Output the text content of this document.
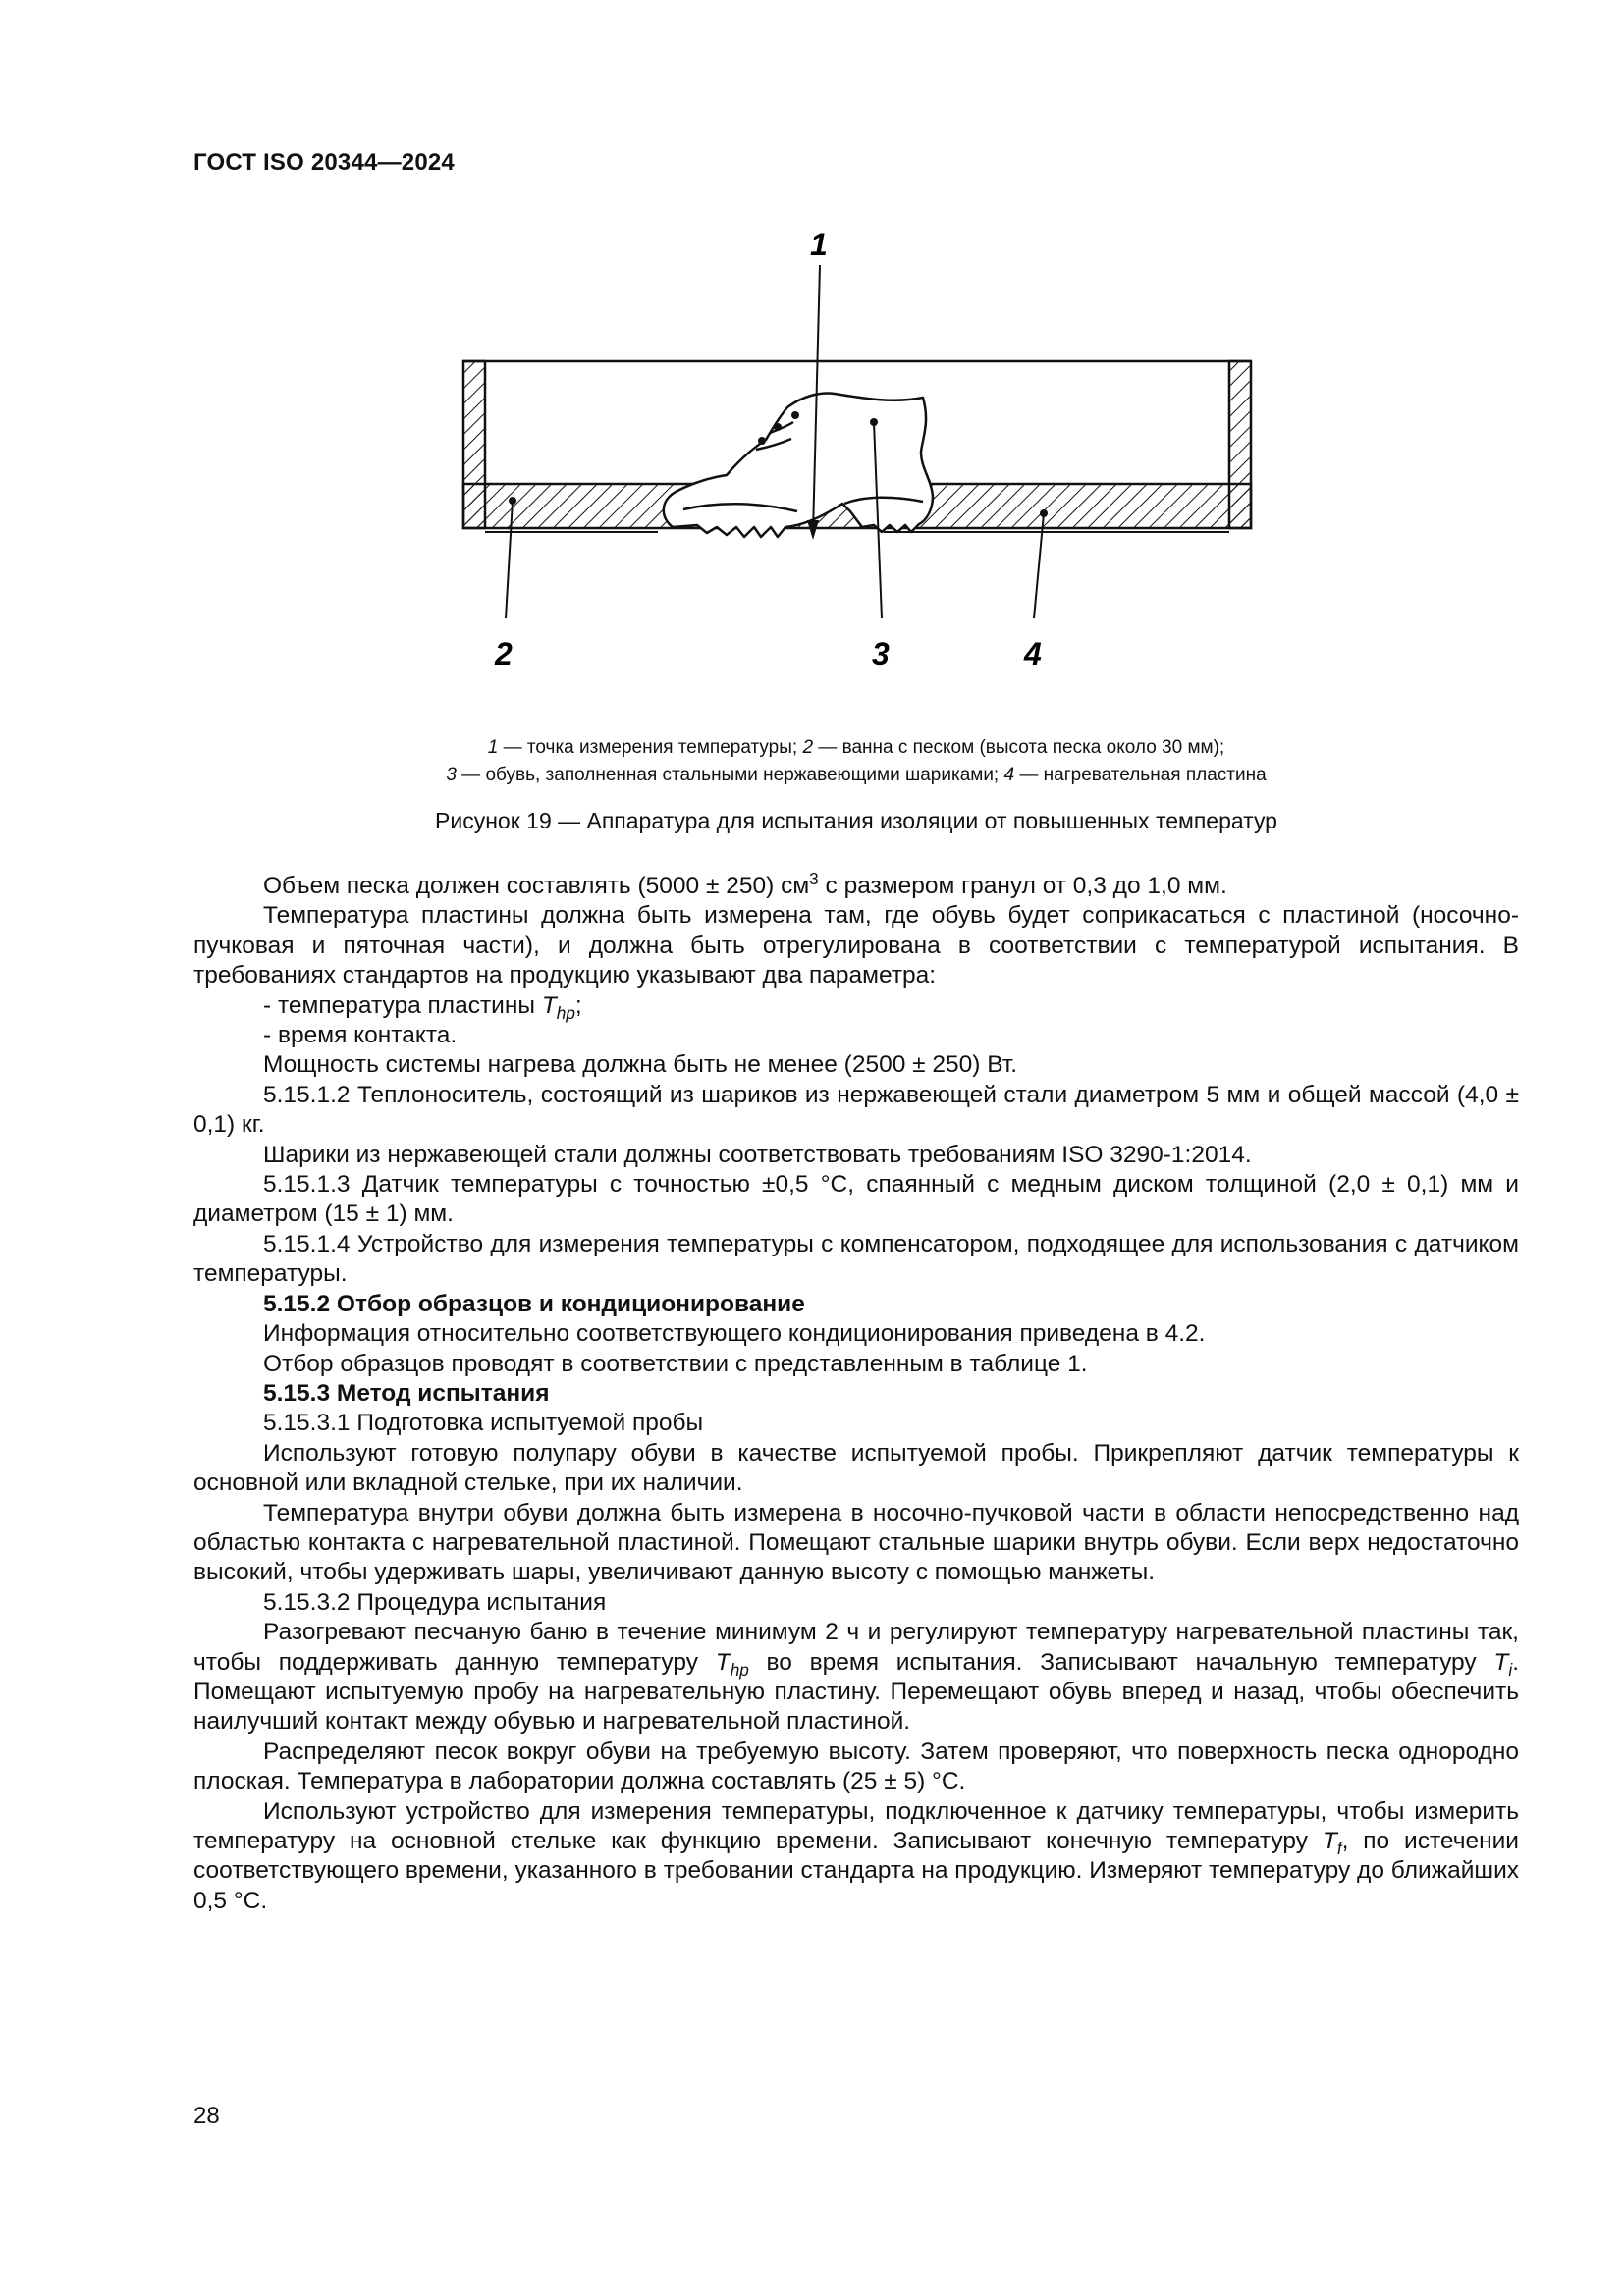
ГОСТ ISO 20344—2024
1
2	3	4
1 — точка измерения температуры; 2 — ванна с песком (высота песка около 30 мм);
3 — обувь, заполненная стальными нержавеющими шариками; 4 — нагревательная пластина
Рисунок 19 — Аппаратура для испытания изоляции от повышенных температур

Объем песка должен составлять (5000 ± 250) $см^3$ с размером гранул от 0,3 до 1,0 мм.

Температура пластины должна быть измерена там, где обувь будет соприкасаться с пластиной (носочно-пучковая и пяточная части), и должна быть отрегулирована в соответствии с температурой испытания. В требованиях стандартов на продукцию указывают два параметра:

- температура пластины $T_{hp}$;

- время контакта.

Мощность системы нагрева должна быть не менее (2500 ± 250) Вт.

5.15.1.2 Теплоноситель, состоящий из шариков из нержавеющей стали диаметром 5 мм и общей массой (4,0 ± 0,1) кг.

Шарики из нержавеющей стали должны соответствовать требованиям ISO 3290-1:2014.

5.15.1.3 Датчик температуры с точностью ±0,5 °С, спаянный с медным диском толщиной (2,0 ± 0,1) мм и диаметром (15 ± 1) мм.

5.15.1.4 Устройство для измерения температуры с компенсатором, подходящее для использования с датчиком температуры.

5.15.2 Отбор образцов и кондиционирование

Информация относительно соответствующего кондиционирования приведена в 4.2.

Отбор образцов проводят в соответствии с представленным в таблице 1.

5.15.3 Метод испытания

5.15.3.1 Подготовка испытуемой пробы

Используют готовую полупару обуви в качестве испытуемой пробы. Прикрепляют датчик температуры к основной или вкладной стельке, при их наличии.

Температура внутри обуви должна быть измерена в носочно-пучковой части в области непосредственно над областью контакта с нагревательной пластиной. Помещают стальные шарики внутрь обуви. Если верх недостаточно высокий, чтобы удерживать шары, увеличивают данную высоту с помощью манжеты.

5.15.3.2 Процедура испытания

Разогревают песчаную баню в течение минимум 2 ч и регулируют температуру нагревательной пластины так, чтобы поддерживать данную температуру $T_{hp}$ во время испытания. Записывают начальную температуру $T_i$. Помещают испытуемую пробу на нагревательную пластину. Перемещают обувь вперед и назад, чтобы обеспечить наилучший контакт между обувью и нагревательной пластиной.

Распределяют песок вокруг обуви на требуемую высоту. Затем проверяют, что поверхность песка однородно плоская. Температура в лаборатории должна составлять (25 ± 5) °С.

Используют устройство для измерения температуры, подключенное к датчику температуры, чтобы измерить температуру на основной стельке как функцию времени. Записывают конечную температуру $T_f$, по истечении соответствующего времени, указанного в требовании стандарта на продукцию. Измеряют температуру до ближайших 0,5 °С.

28
